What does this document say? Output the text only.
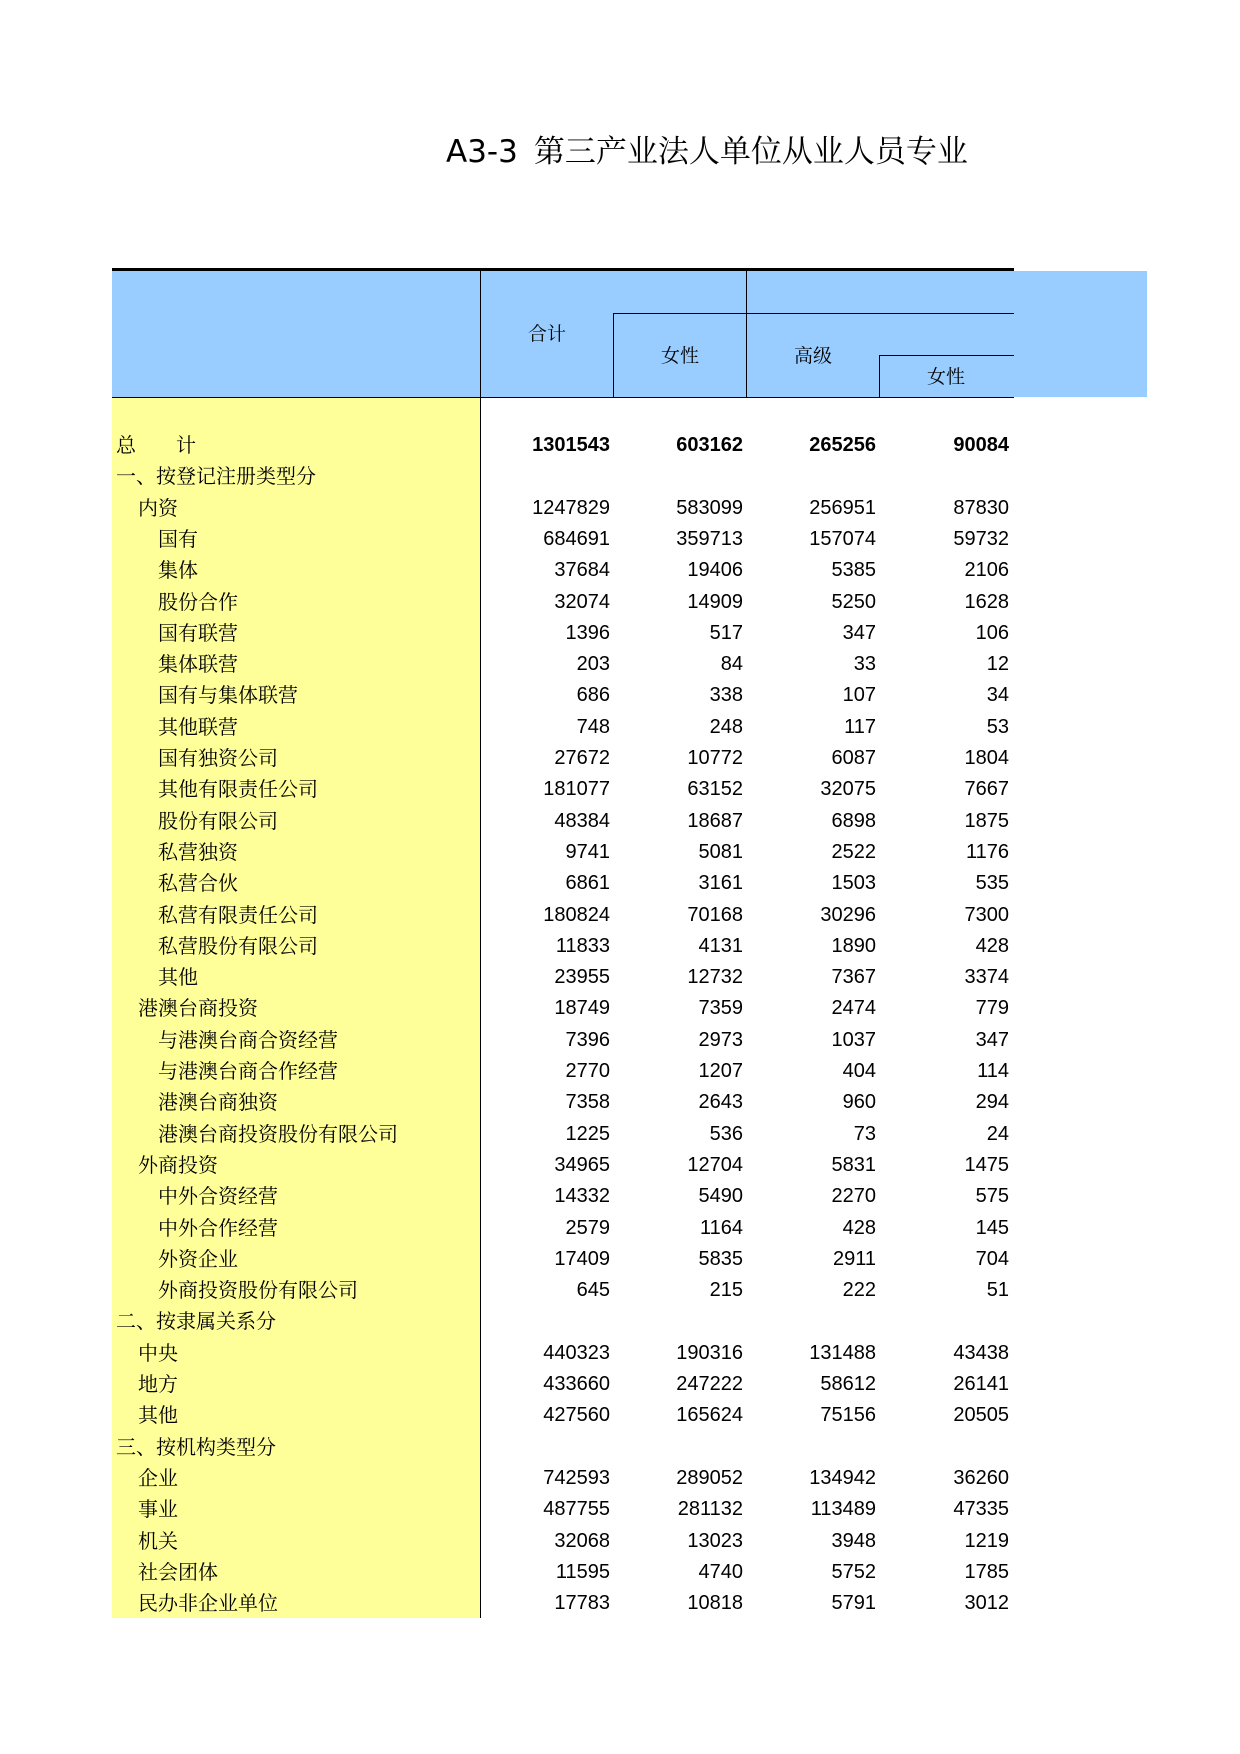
A3-3 第三产业法人单位从业人员专业
合计
女性	高级
女性
总　　计	1301543	603162	265256	90084
一、按登记注册类型分
内资	1247829	583099	256951	87830
国有	684691	359713	157074	59732
集体	37684	19406	5385	2106
股份合作	32074	14909	5250	1628
国有联营	1396	517	347	106
集体联营	203	84	33	12
国有与集体联营	686	338	107	34
其他联营	748	248	117	53
国有独资公司	27672	10772	6087	1804
其他有限责任公司	181077	63152	32075	7667
股份有限公司	48384	18687	6898	1875
私营独资	9741	5081	2522	1176
私营合伙	6861	3161	1503	535
私营有限责任公司	180824	70168	30296	7300
私营股份有限公司	11833	4131	1890	428
其他	23955	12732	7367	3374
港澳台商投资	18749	7359	2474	779
与港澳台商合资经营	7396	2973	1037	347
与港澳台商合作经营	2770	1207	404	114
港澳台商独资	7358	2643	960	294
港澳台商投资股份有限公司	1225	536	73	24
外商投资	34965	12704	5831	1475
中外合资经营	14332	5490	2270	575
中外合作经营	2579	1164	428	145
外资企业	17409	5835	2911	704
外商投资股份有限公司	645	215	222	51
二、按隶属关系分
中央	440323	190316	131488	43438
地方	433660	247222	58612	26141
其他	427560	165624	75156	20505
三、按机构类型分
企业	742593	289052	134942	36260
事业	487755	281132	113489	47335
机关	32068	13023	3948	1219
社会团体	11595	4740	5752	1785
民办非企业单位	17783	10818	5791	3012
